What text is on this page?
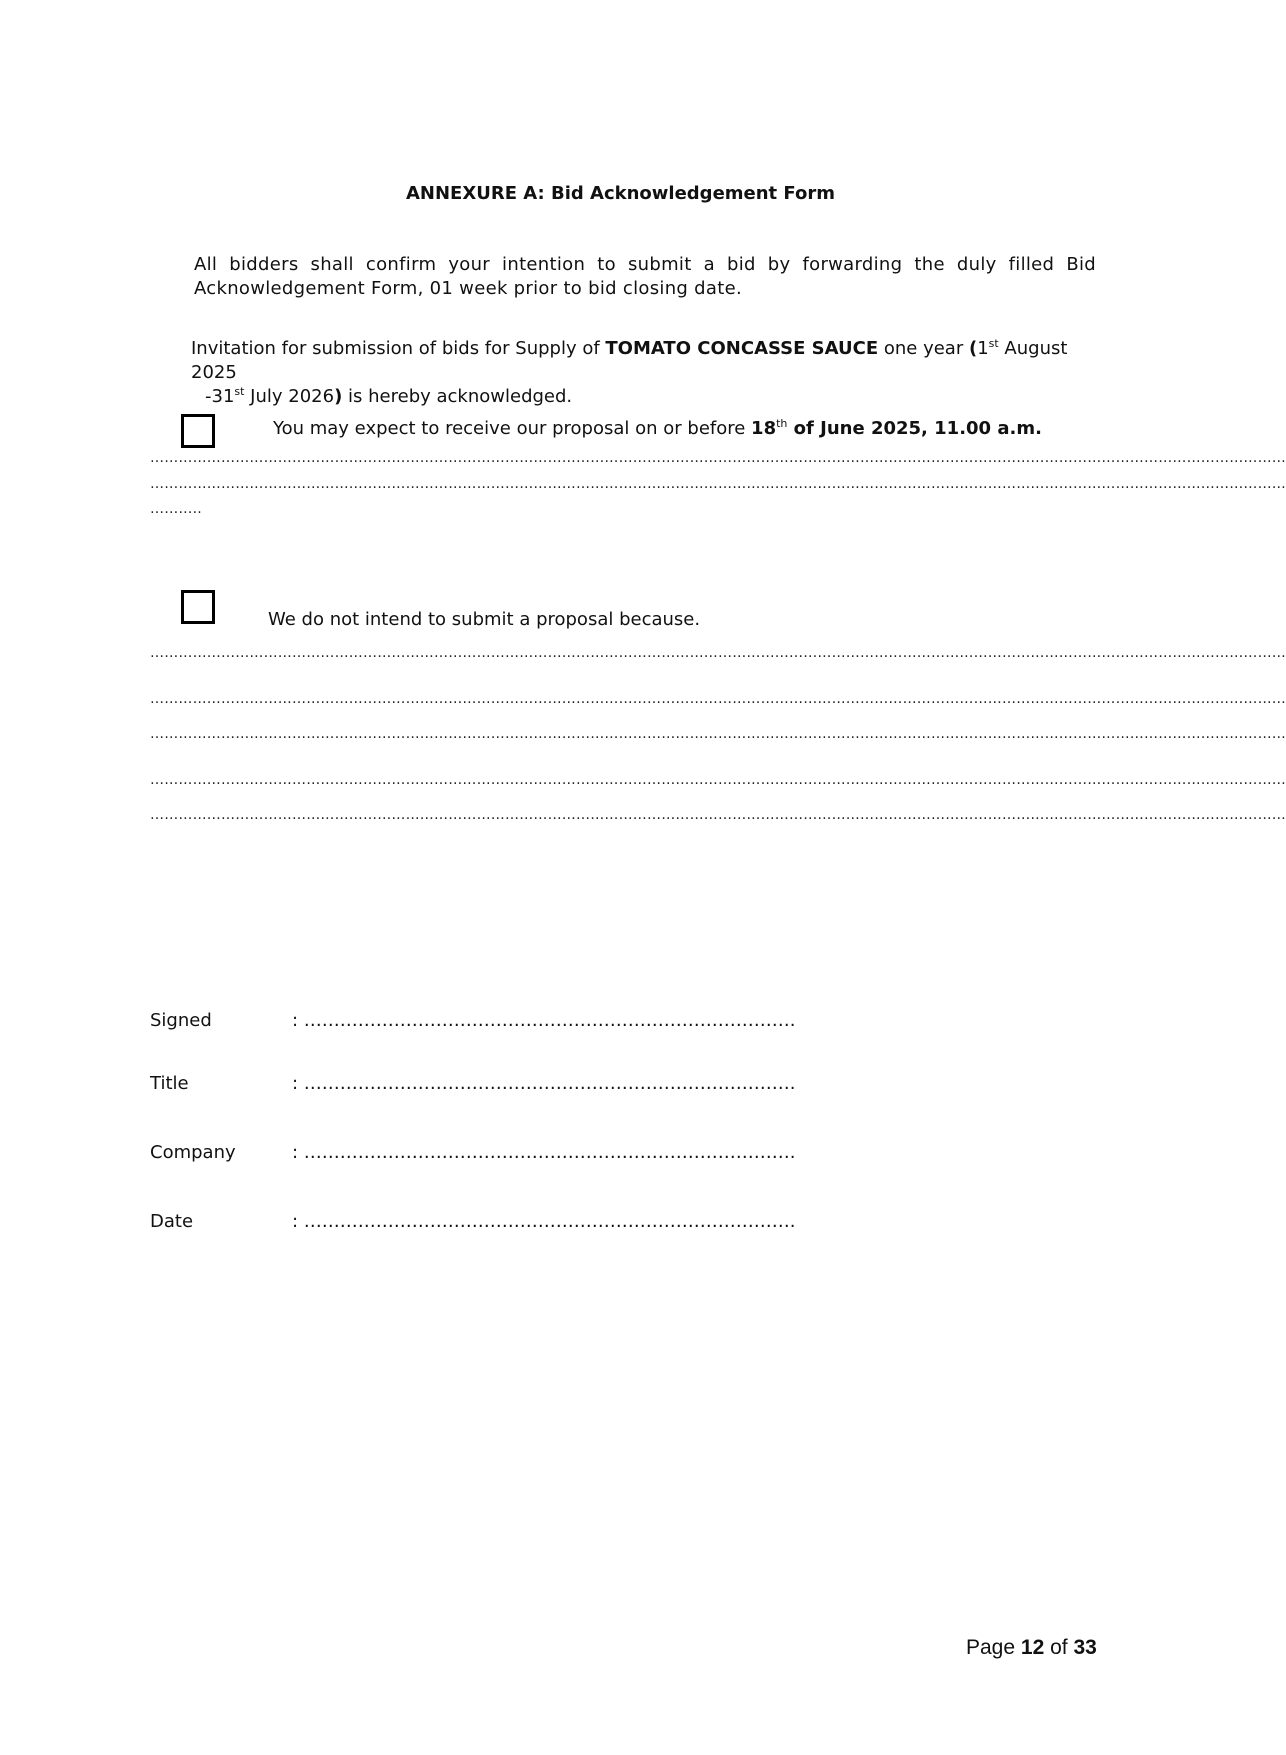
ANNEXURE A: Bid Acknowledgement Form
All bidders shall confirm your intention to submit a bid by forwarding the duly filled Bid Acknowledgement Form, 01 week prior to bid closing date.
Invitation for submission of bids for Supply of TOMATO CONCASSE SAUCE one year (1st August 2025
-31st July 2026) is hereby acknowledged.
You may expect to receive our proposal on or before 18th of June 2025, 11.00 a.m.
……………………………………………………………………………………………………………………………………………………………………………………………………………………
……………………………………………………………………………………………………………………………………………………………………………………………………………………
………..
We do not intend to submit a proposal because.
……………………………………………………………………………………………………………………………………………………………………………………………………………………
……………………………………………………………………………………………………………………………………………………………………………………………………………………
……………………………………………………………………………………………………………………………………………………………………………………………………………………
……………………………………………………………………………………………………………………………………………………………………………………………………………………
……………………………………………………………………………………………………………………………………………………………………………………………………………………
Signed	: ……………………………………………………………………….
Title	: ……………………………………………………………………….
Company	: ……………………………………………………………………….
Date	: ……………………………………………………………………….
Page 12 of 33
